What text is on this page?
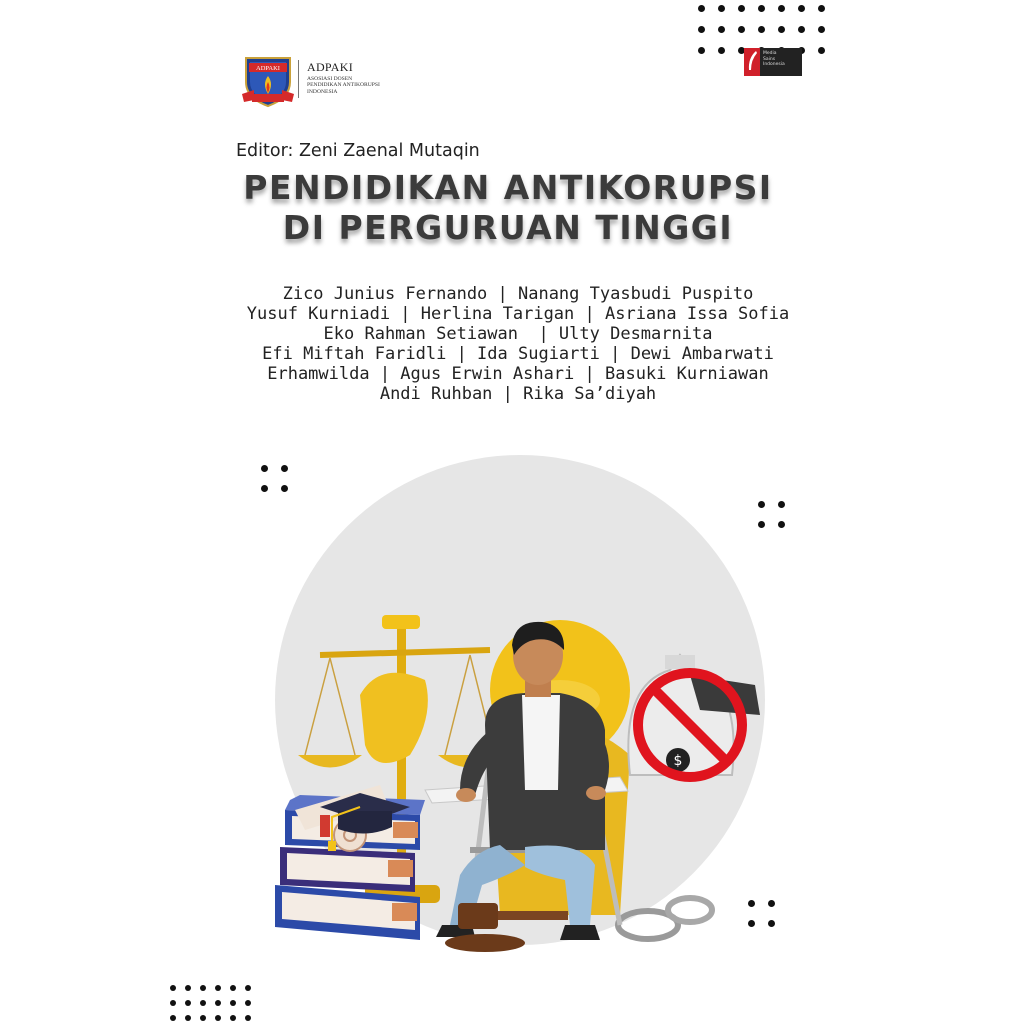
ADPAKI ADPAKI
ASOSIASI DOSEN
PENDIDIKAN ANTIKORUPSI
INDONESIA
Media
Sains
Indonesia
Editor: Zeni Zaenal Mutaqin
PENDIDIKAN ANTIKORUPSI
DI PERGURUAN TINGGI
Zico Junius Fernando | Nanang Tyasbudi Puspito
Yusuf Kurniadi | Herlina Tarigan | Asriana Issa Sofia
Eko Rahman Setiawan  | Ulty Desmarnita
Efi Miftah Faridli | Ida Sugiarti | Dewi Ambarwati
Erhamwilda | Agus Erwin Ashari | Basuki Kurniawan
Andi Ruhban | Rika Sa’diyah
$
